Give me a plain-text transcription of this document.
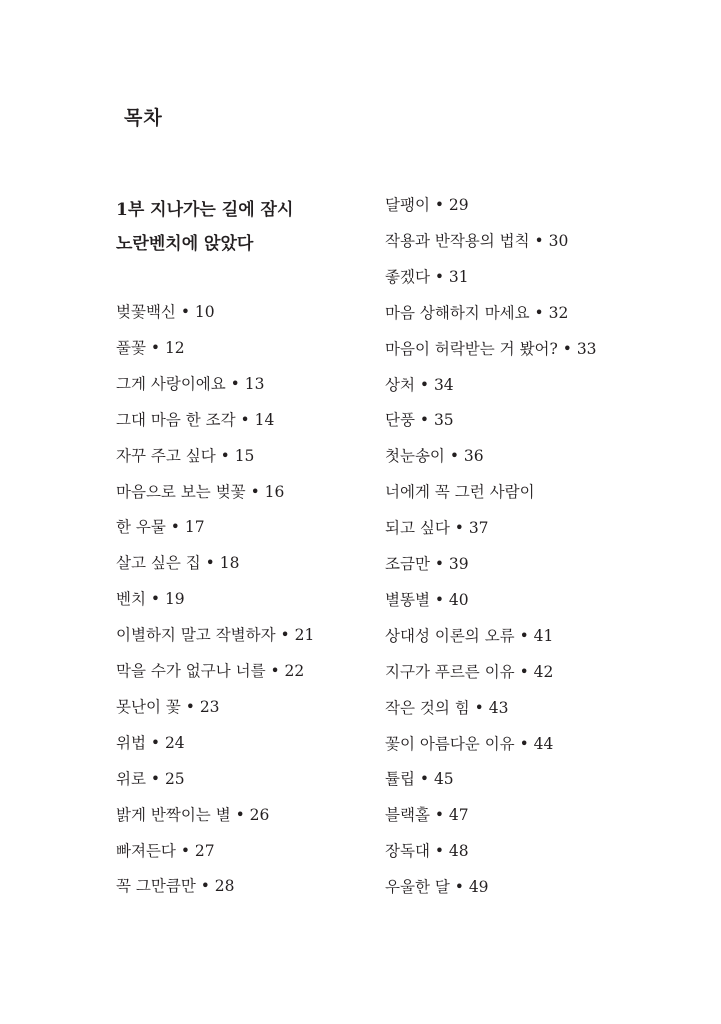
목차
1부 지나가는 길에 잠시
노란벤치에 앉았다
벚꽃백신 • 10
풀꽃 • 12
그게 사랑이에요 • 13
그대 마음 한 조각 • 14
자꾸 주고 싶다 • 15
마음으로 보는 벚꽃 • 16
한 우물 • 17
살고 싶은 집 • 18
벤치 • 19
이별하지 말고 작별하자 • 21
막을 수가 없구나 너를 • 22
못난이 꽃 • 23
위법 • 24
위로 • 25
밝게 반짝이는 별 • 26
빠져든다 • 27
꼭 그만큼만 • 28
달팽이 • 29
작용과 반작용의 법칙 • 30
좋겠다 • 31
마음 상해하지 마세요 • 32
마음이 허락받는 거 봤어? • 33
상처 • 34
단풍 • 35
첫눈송이 • 36
너에게 꼭 그런 사람이
되고 싶다 • 37
조금만 • 39
별똥별 • 40
상대성 이론의 오류 • 41
지구가 푸르른 이유 • 42
작은 것의 힘 • 43
꽃이 아름다운 이유 • 44
튤립 • 45
블랙홀 • 47
장독대 • 48
우울한 달 • 49
